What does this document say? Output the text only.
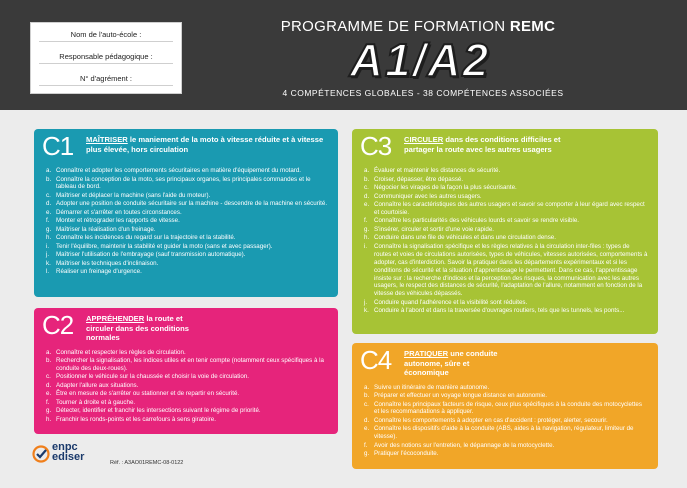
Nom de l'auto-école :
Responsable pédagogique :
N° d'agrément :
PROGRAMME DE FORMATION REMC
A1/A2
4 COMPÉTENCES GLOBALES - 38 COMPÉTENCES ASSOCIÉES
C1 MAÎTRISER le maniement de la moto à vitesse réduite et à vitesse plus élevée, hors circulation
a. Connaître et adopter les comportements sécuritaires en matière d'équipement du motard.
b. Connaître la conception de la moto, ses principaux organes, les principales commandes et le tableau de bord.
c. Maîtriser et déplacer la machine (sans l'aide du moteur).
d. Adopter une position de conduite sécuritaire sur la machine - descendre de la machine en sécurité.
e. Démarrer et s'arrêter en toutes circonstances.
f.	Monter et rétrograder les rapports de vitesse.
g. Maîtriser la réalisation d'un freinage.
h. Connaître les incidences du regard sur la trajectoire et la stabilité.
i.	Tenir l'équilibre, maintenir la stabilité et guider la moto (sans et avec passager).
j.	Maîtriser l'utilisation de l'embrayage (sauf transmission automatique).
k. Maîtriser les techniques d'inclinaison.
l.	Réaliser un freinage d'urgence.
C2 APPRÉHENDER la route et circuler dans des conditions normales
a. Connaître et respecter les règles de circulation.
b. Rechercher la signalisation, les indices utiles et en tenir compte (notamment ceux spécifiques à la conduite des deux-roues).
c. Positionner le véhicule sur la chaussée et choisir la voie de circulation.
d. Adapter l'allure aux situations.
e. Être en mesure de s'arrêter ou stationner et de repartir en sécurité.
f.	Tourner à droite et à gauche.
g. Détecter, identifier et franchir les intersections suivant le régime de priorité.
h. Franchir les ronds-points et les carrefours à sens giratoire.
C3 CIRCULER dans des conditions difficiles et partager la route avec les autres usagers
a. Évaluer et maintenir les distances de sécurité.
b. Croiser, dépasser, être dépassé.
c. Négocier les virages de la façon la plus sécurisante.
d. Communiquer avec les autres usagers.
e. Connaître les caractéristiques des autres usagers et savoir se comporter à leur égard avec respect et courtoisie.
f.	Connaître les particularités des véhicules lourds et savoir se rendre visible.
g. S'insérer, circuler et sortir d'une voie rapide.
h. Conduire dans une file de véhicules et dans une circulation dense.
i.	Connaître la signalisation spécifique et les règles relatives à la circulation inter-files : types de routes et voies de circulations autorisées, types de véhicules, vitesses autorisées, comportements à adopter, cas d'interdiction. Savoir la pratiquer dans les départements expérimentaux et si les conditions de sécurité et la situation d'apprentissage le permettent. Dans ce cas, l'apprentissage insiste sur : la recherche d'indices et la perception des risques, la communication avec les autres usagers, le respect des distances de sécurité, l'adaptation de l'allure, notamment en fonction de la vitesse des véhicules dépassés.
j.	Conduire quand l'adhérence et la visibilité sont réduites.
k. Conduire à l'abord et dans la traversée d'ouvrages routiers, tels que les tunnels, les ponts...
C4 PRATIQUER une conduite autonome, sûre et économique
a. Suivre un itinéraire de manière autonome.
b. Préparer et effectuer un voyage longue distance en autonomie.
c. Connaître les principaux facteurs de risque, ceux plus spécifiques à la conduite des motocyclettes et les recommandations à appliquer.
d. Connaître les comportements à adopter en cas d'accident : protéger, alerter, secourir.
e. Connaître les dispositifs d'aide à la conduite (ABS, aides à la navigation, régulateur, limiteur de vitesse).
f.	Avoir des notions sur l'entretien, le dépannage de la motocyclette.
g. Pratiquer l'écoconduite.
enpc
ediser	Réf. : A3AO01REMC-08-0122
